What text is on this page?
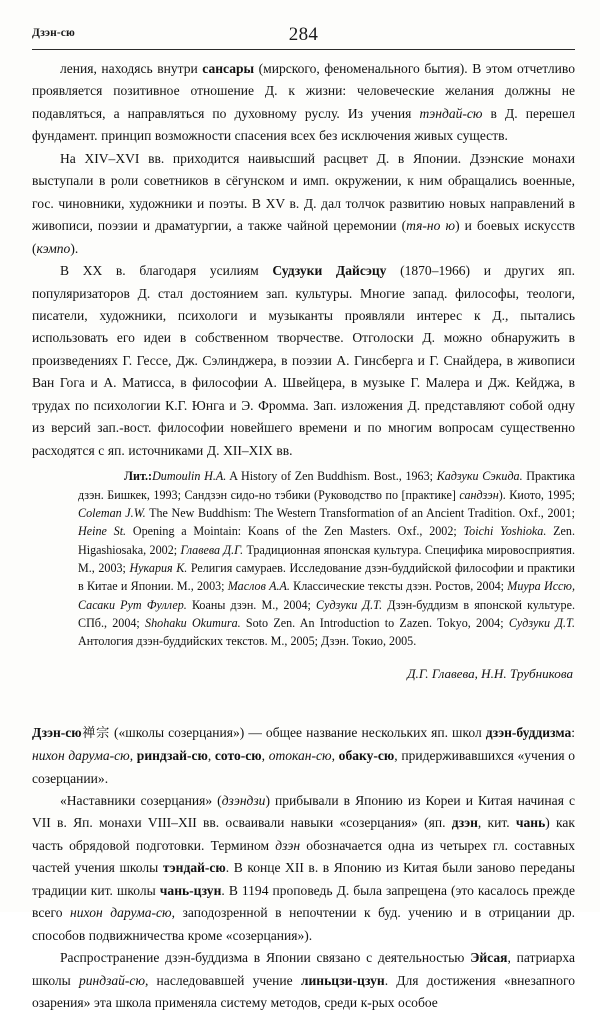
Дзэн-сю	284

ления, находясь внутри сансары (мирского, феноменального бытия). В этом отчетливо проявляется позитивное отношение Д. к жизни: человеческие желания должны не подавляться, а направляться по духовному руслу. Из учения тэндай-сю в Д. перешел фундамент. принцип возможности спасения всех без исключения живых существ.

На XIV–XVI вв. приходится наивысший расцвет Д. в Японии. Дзэнские монахи выступали в роли советников в сёгунском и имп. окружении, к ним обращались военные, гос. чиновники, художники и поэты. В XV в. Д. дал толчок развитию новых направлений в живописи, поэзии и драматургии, а также чайной церемонии (тя-но ю) и боевых искусств (кэмпо).

В XX в. благодаря усилиям Судзуки Дайсэцу (1870–1966) и других яп. популяризаторов Д. стал достоянием зап. культуры. Многие запад. философы, теологи, писатели, художники, психологи и музыканты проявляли интерес к Д., пытались использовать его идеи в собственном творчестве. Отголоски Д. можно обнаружить в произведениях Г. Гессе, Дж. Сэлинджера, в поэзии А. Гинсберга и Г. Снайдера, в живописи Ван Гога и А. Матисса, в философии А. Швейцера, в музыке Г. Малера и Дж. Кейджа, в трудах по психологии К.Г. Юнга и Э. Фромма. Зап. изложения Д. представляют собой одну из версий зап.-вост. философии новейшего времени и по многим вопросам существенно расходятся с яп. источниками Д. XII–XIX вв.

Лит.:Dumoulin H.A. A History of Zen Buddhism. Bost., 1963; Кадзуки Сэкида. Практика дзэн. Бишкек, 1993; Сандзэн сидо-но тэбики (Руководство по [практике] сандзэн). Киото, 1995; Coleman J.W. The New Buddhism: The Western Transformation of an Ancient Tradition. Oxf., 2001; Heine St. Opening a Mointain: Koans of the Zen Masters. Oxf., 2002; Toichi Yoshioka. Zen. Higashiosaka, 2002; Главева Д.Г. Традиционная японская культура. Специфика мировосприятия. М., 2003; Нукария К. Религия самураев. Исследование дзэн-буддийской философии и практики в Китае и Японии. М., 2003; Маслов А.А. Классические тексты дзэн. Ростов, 2004; Миура Иссю, Сасаки Рут Фуллер. Коаны дзэн. М., 2004; Судзуки Д.Т. Дзэн-буддизм в японской культуре. СПб., 2004; Shohaku Okumura. Soto Zen. An Introduction to Zazen. Tokyo, 2004; Судзуки Д.Т. Антология дзэн-буддийских текстов. М., 2005; Дзэн. Токио, 2005.

Д.Г. Главева, Н.Н. Трубникова

Дзэн-сю禅宗 («школы созерцания») — общее название нескольких яп. школ дзэн-буддизма: нихон дарума-сю, риндзай-сю, сото-сю, отокан-сю, обаку-сю, придерживавшихся «учения о созерцании».

«Наставники созерцания» (дзэндзи) прибывали в Японию из Кореи и Китая начиная с VII в. Яп. монахи VIII–XII вв. осваивали навыки «созерцания» (яп. дзэн, кит. чань) как часть обрядовой подготовки. Термином дзэн обозначается одна из четырех гл. составных частей учения школы тэндай-сю. В конце XII в. в Японию из Китая были заново переданы традиции кит. школы чань-цзун. В 1194 проповедь Д. была запрещена (это касалось прежде всего нихон дарума-сю, заподозренной в непочтении к буд. учению и в отрицании др. способов подвижничества кроме «созерцания»).

Распространение дзэн-буддизма в Японии связано с деятельностью Эйсая, патриарха школы риндзай-сю, наследовавшей учение линьцзи-цзун. Для достижения «внезапного озарения» эта школа применяла систему методов, среди к-рых особое
